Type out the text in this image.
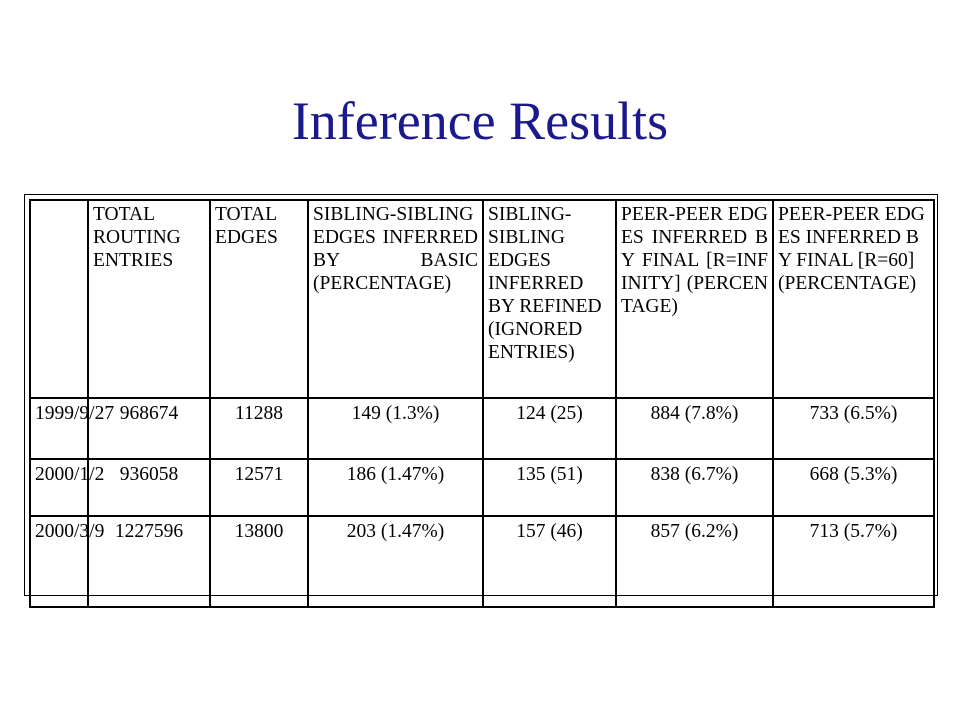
Inference Results
	TOTAL ROUTING ENTRIES	TOTAL EDGES	SIBLING-SIBLING EDGES INFERRED BY BASIC (PERCENTAGE)	SIBLING-SIBLING EDGES INFERRED BY REFINED (IGNORED ENTRIES)	PEER-PEER EDGES INFERRED BY FINAL [R=INFINITY] (PERCENTAGE)	PEER-PEER EDGES INFERRED BY FINAL [R=60] (PERCENTAGE)
1999/9/27	968674	11288	149 (1.3%)	124 (25)	884 (7.8%)	733 (6.5%)
2000/1/2	936058	12571	186 (1.47%)	135 (51)	838 (6.7%)	668 (5.3%)
2000/3/9	1227596	13800	203 (1.47%)	157 (46)	857 (6.2%)	713 (5.7%)
